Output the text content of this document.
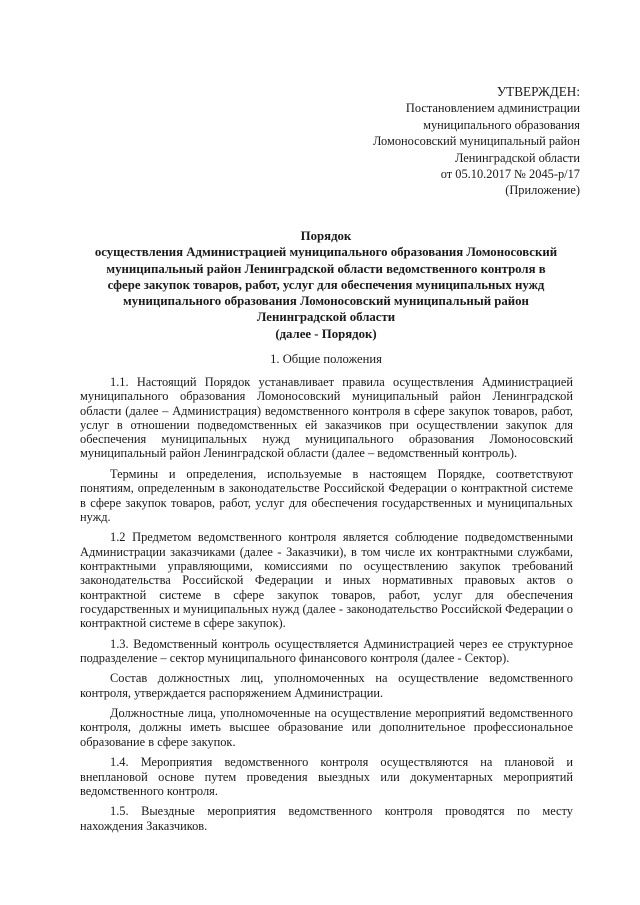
УТВЕРЖДЕН:
Постановлением администрации
муниципального образования
Ломоносовский муниципальный район
Ленинградской области
от 05.10.2017 № 2045-р/17
(Приложение)
Порядок
осуществления Администрацией муниципального образования Ломоносовский
муниципальный район Ленинградской области ведомственного контроля в
сфере закупок товаров, работ, услуг для обеспечения муниципальных нужд
муниципального образования Ломоносовский муниципальный район
Ленинградской области
(далее - Порядок)
1. Общие положения

1.1. Настоящий Порядок устанавливает правила осуществления Администрацией муниципального образования Ломоносовский муниципальный район Ленинградской области (далее – Администрация) ведомственного контроля в сфере закупок товаров, работ, услуг в отношении подведомственных ей заказчиков при осуществлении закупок для обеспечения муниципальных нужд муниципального образования Ломоносовский муниципальный район Ленинградской области (далее – ведомственный контроль).

Термины и определения, используемые в настоящем Порядке, соответствуют понятиям, определенным в законодательстве Российской Федерации о контрактной системе в сфере закупок товаров, работ, услуг для обеспечения государственных и муниципальных нужд.

1.2 Предметом ведомственного контроля является соблюдение подведомственными Администрации заказчиками (далее - Заказчики), в том числе их контрактными службами, контрактными управляющими, комиссиями по осуществлению закупок требований законодательства Российской Федерации и иных нормативных правовых актов о контрактной системе в сфере закупок товаров, работ, услуг для обеспечения государственных и муниципальных нужд (далее - законодательство Российской Федерации о контрактной системе в сфере закупок).

1.3. Ведомственный контроль осуществляется Администрацией через ее структурное подразделение – сектор муниципального финансового контроля (далее - Сектор).

Состав должностных лиц, уполномоченных на осуществление ведомственного контроля, утверждается распоряжением Администрации.

Должностные лица, уполномоченные на осуществление мероприятий ведомственного контроля, должны иметь высшее образование или дополнительное профессиональное образование в сфере закупок.

1.4. Мероприятия ведомственного контроля осуществляются на плановой и внеплановой основе путем проведения выездных или документарных мероприятий ведомственного контроля.

1.5. Выездные мероприятия ведомственного контроля проводятся по месту нахождения Заказчиков.
